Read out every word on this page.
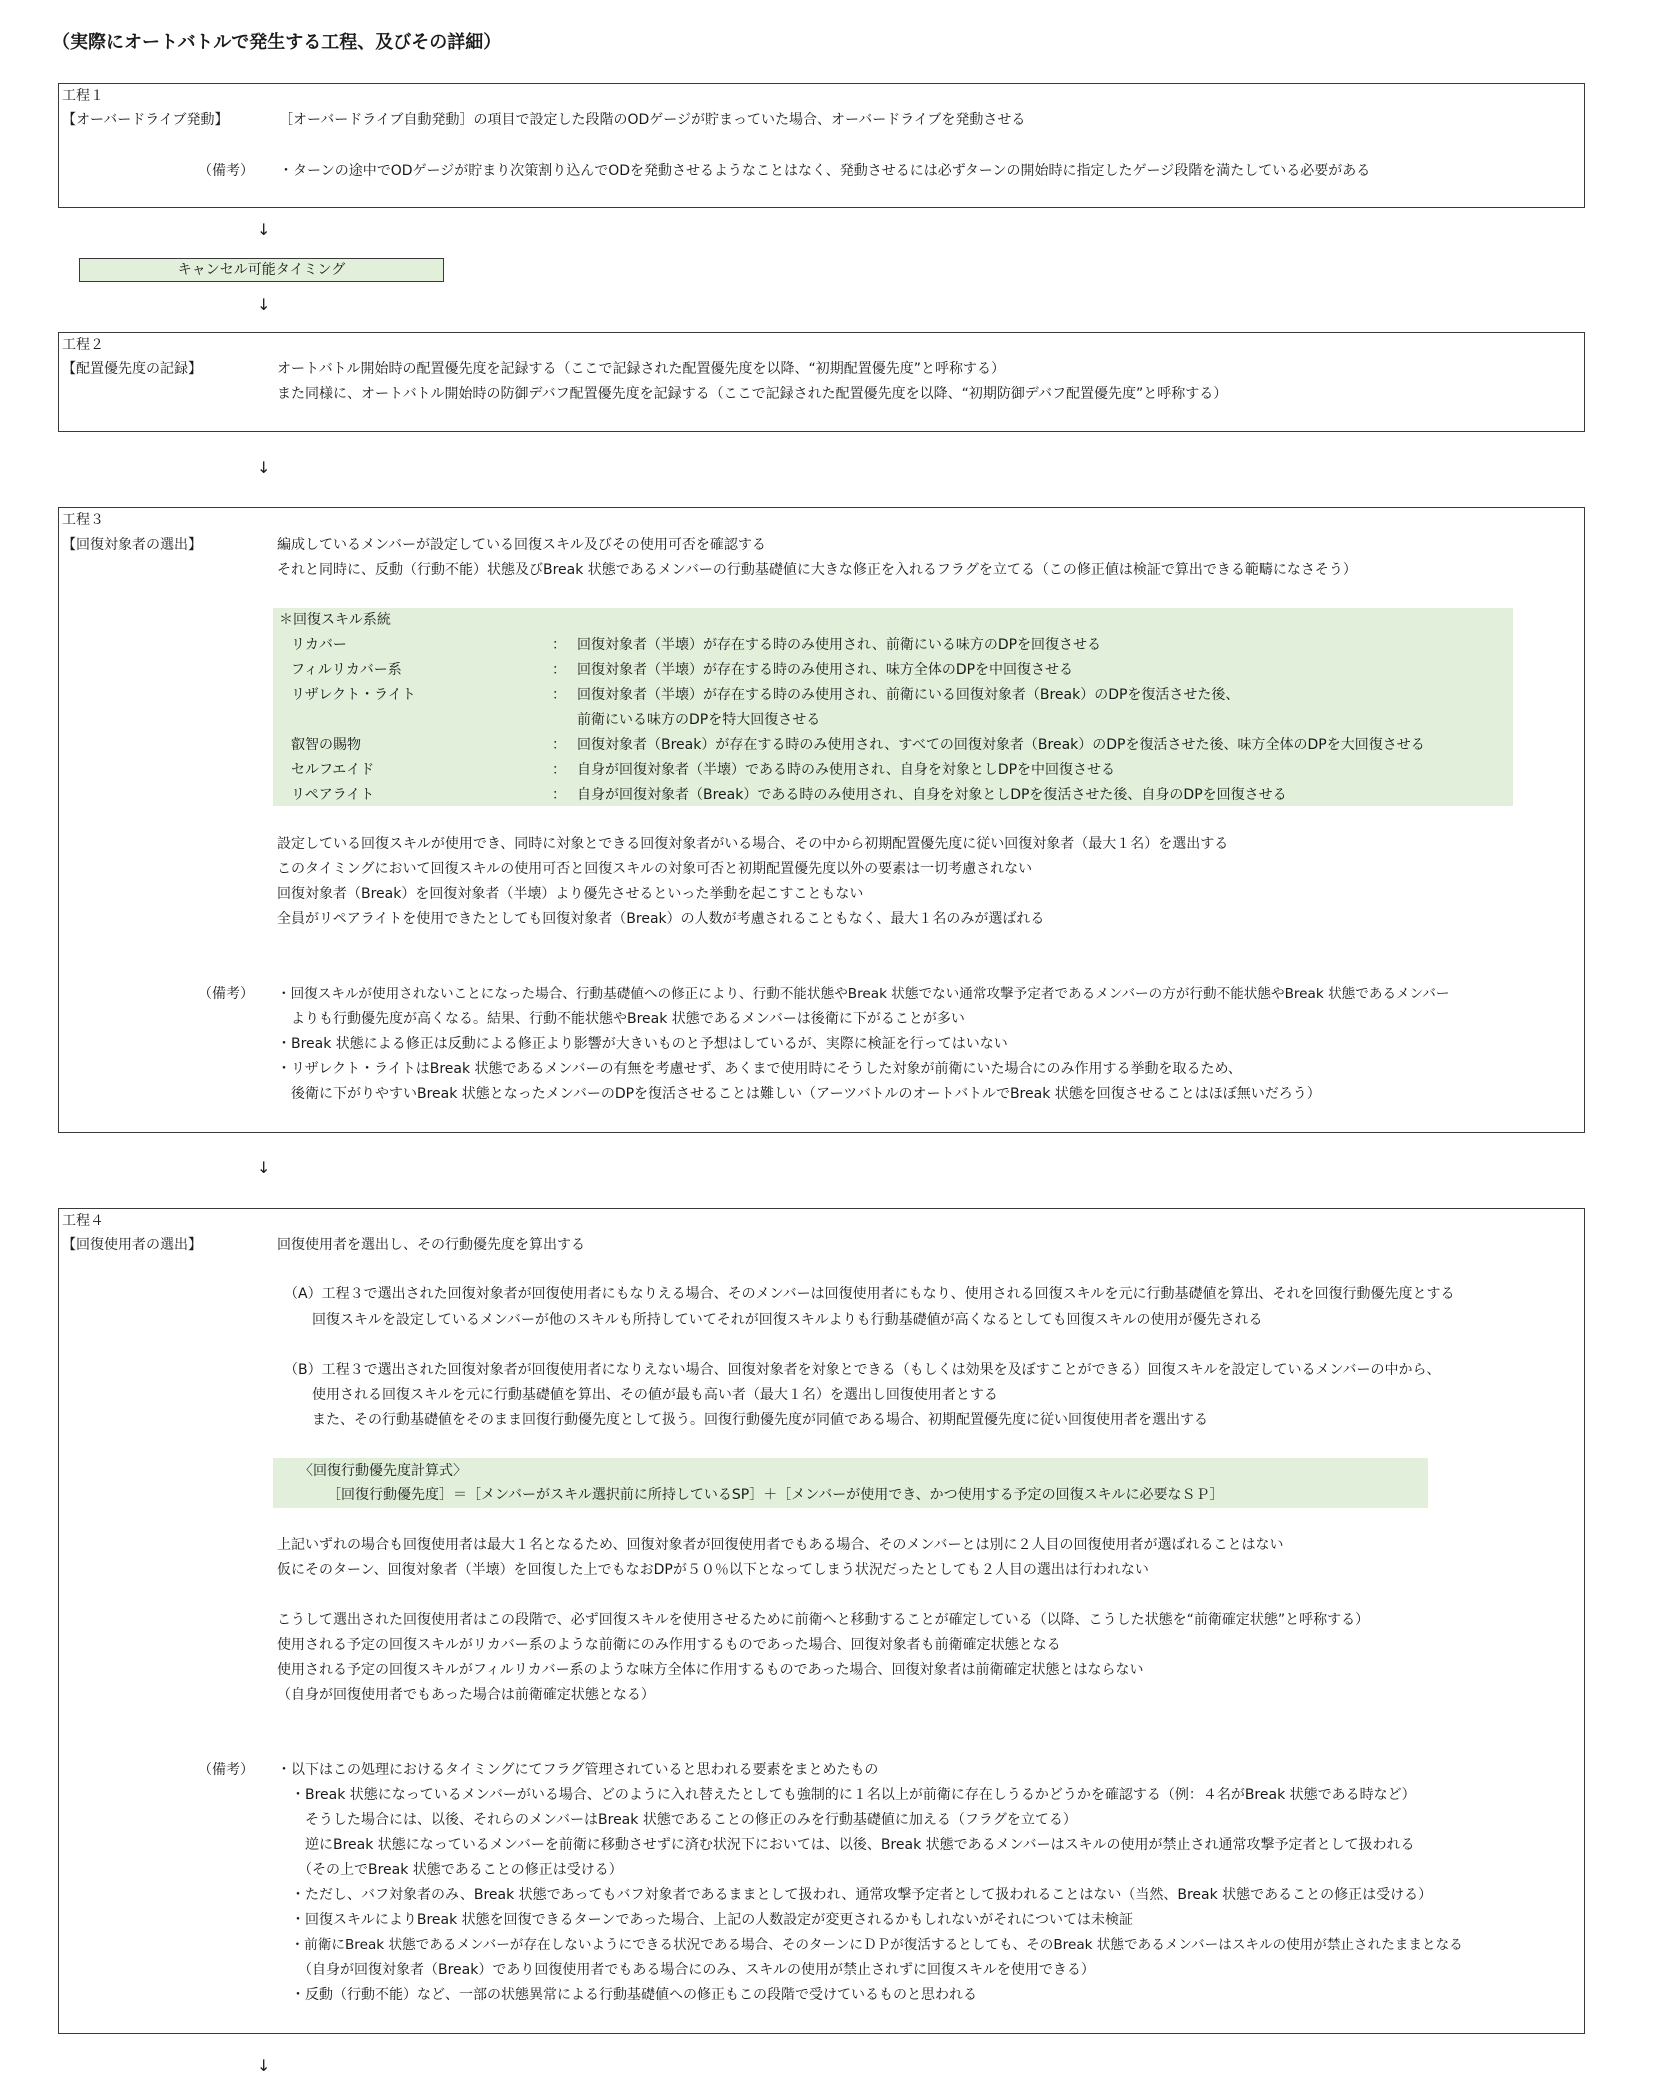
（実際にオートバトルで発生する工程、及びその詳細）
工程１
【オーバードライブ発動】	［オーバードライブ自動発動］の項目で設定した段階のODゲージが貯まっていた場合、オーバードライブを発動させる
（備考） ・ターンの途中でODゲージが貯まり次策割り込んでODを発動させるようなことはなく、発動させるには必ずターンの開始時に指定したゲージ段階を満たしている必要がある
↓
キャンセル可能タイミング
↓
工程２
【配置優先度の記録】	オートバトル開始時の配置優先度を記録する（ここで記録された配置優先度を以降、“初期配置優先度”と呼称する）
また同様に、オートバトル開始時の防御デバフ配置優先度を記録する（ここで記録された配置優先度を以降、“初期防御デバフ配置優先度”と呼称する）
↓
工程３
【回復対象者の選出】	編成しているメンバーが設定している回復スキル及びその使用可否を確認する
それと同時に、反動（行動不能）状態及びBreak 状態であるメンバーの行動基礎値に大きな修正を入れるフラグを立てる（この修正値は検証で算出できる範疇になさそう）
＊回復スキル系統
リカバー	： 回復対象者（半壊）が存在する時のみ使用され、前衛にいる味方のDPを回復させる
フィルリカバー系	： 回復対象者（半壊）が存在する時のみ使用され、味方全体のDPを中回復させる
リザレクト・ライト	： 回復対象者（半壊）が存在する時のみ使用され、前衛にいる回復対象者（Break）のDPを復活させた後、
前衛にいる味方のDPを特大回復させる
叡智の賜物	： 回復対象者（Break）が存在する時のみ使用され、すべての回復対象者（Break）のDPを復活させた後、味方全体のDPを大回復させる
セルフエイド	： 自身が回復対象者（半壊）である時のみ使用され、自身を対象としDPを中回復させる
リペアライト	： 自身が回復対象者（Break）である時のみ使用され、自身を対象としDPを復活させた後、自身のDPを回復させる
設定している回復スキルが使用でき、同時に対象とできる回復対象者がいる場合、その中から初期配置優先度に従い回復対象者（最大１名）を選出する
このタイミングにおいて回復スキルの使用可否と回復スキルの対象可否と初期配置優先度以外の要素は一切考慮されない
回復対象者（Break）を回復対象者（半壊）より優先させるといった挙動を起こすこともない
全員がリペアライトを使用できたとしても回復対象者（Break）の人数が考慮されることもなく、最大１名のみが選ばれる
（備考） ・回復スキルが使用されないことになった場合、行動基礎値への修正により、行動不能状態やBreak 状態でない通常攻撃予定者であるメンバーの方が行動不能状態やBreak 状態であるメンバー
　よりも行動優先度が高くなる。結果、行動不能状態やBreak 状態であるメンバーは後衛に下がることが多い
・Break 状態による修正は反動による修正より影響が大きいものと予想はしているが、実際に検証を行ってはいない
・リザレクト・ライトはBreak 状態であるメンバーの有無を考慮せず、あくまで使用時にそうした対象が前衛にいた場合にのみ作用する挙動を取るため、
　後衛に下がりやすいBreak 状態となったメンバーのDPを復活させることは難しい（アーツバトルのオートバトルでBreak 状態を回復させることはほぼ無いだろう）
↓
工程４
【回復使用者の選出】	回復使用者を選出し、その行動優先度を算出する
（A）工程３で選出された回復対象者が回復使用者にもなりえる場合、そのメンバーは回復使用者にもなり、使用される回復スキルを元に行動基礎値を算出、それを回復行動優先度とする
　　回復スキルを設定しているメンバーが他のスキルも所持していてそれが回復スキルよりも行動基礎値が高くなるとしても回復スキルの使用が優先される
（B）工程３で選出された回復対象者が回復使用者になりえない場合、回復対象者を対象とできる（もしくは効果を及ぼすことができる）回復スキルを設定しているメンバーの中から、
　　使用される回復スキルを元に行動基礎値を算出、その値が最も高い者（最大１名）を選出し回復使用者とする
　　また、その行動基礎値をそのまま回復行動優先度として扱う。回復行動優先度が同値である場合、初期配置優先度に従い回復使用者を選出する
〈回復行動優先度計算式〉
［回復行動優先度］＝［メンバーがスキル選択前に所持しているSP］＋［メンバーが使用でき、かつ使用する予定の回復スキルに必要なＳＰ］
上記いずれの場合も回復使用者は最大１名となるため、回復対象者が回復使用者でもある場合、そのメンバーとは別に２人目の回復使用者が選ばれることはない
仮にそのターン、回復対象者（半壊）を回復した上でもなおDPが５０％以下となってしまう状況だったとしても２人目の選出は行われない
こうして選出された回復使用者はこの段階で、必ず回復スキルを使用させるために前衛へと移動することが確定している（以降、こうした状態を“前衛確定状態”と呼称する）
使用される予定の回復スキルがリカバー系のような前衛にのみ作用するものであった場合、回復対象者も前衛確定状態となる
使用される予定の回復スキルがフィルリカバー系のような味方全体に作用するものであった場合、回復対象者は前衛確定状態とはならない
（自身が回復使用者でもあった場合は前衛確定状態となる）
（備考） ・以下はこの処理におけるタイミングにてフラグ管理されていると思われる要素をまとめたもの
　・Break 状態になっているメンバーがいる場合、どのように入れ替えたとしても強制的に１名以上が前衛に存在しうるかどうかを確認する（例：４名がBreak 状態である時など）
　　そうした場合には、以後、それらのメンバーはBreak 状態であることの修正のみを行動基礎値に加える（フラグを立てる）
　　逆にBreak 状態になっているメンバーを前衛に移動させずに済む状況下においては、以後、Break 状態であるメンバーはスキルの使用が禁止され通常攻撃予定者として扱われる
　　（その上でBreak 状態であることの修正は受ける）
　・ただし、バフ対象者のみ、Break 状態であってもバフ対象者であるままとして扱われ、通常攻撃予定者として扱われることはない（当然、Break 状態であることの修正は受ける）
　・回復スキルによりBreak 状態を回復できるターンであった場合、上記の人数設定が変更されるかもしれないがそれについては未検証
　・前衛にBreak 状態であるメンバーが存在しないようにできる状況である場合、そのターンにＤＰが復活するとしても、そのBreak 状態であるメンバーはスキルの使用が禁止されたままとなる
　　（自身が回復対象者（Break）であり回復使用者でもある場合にのみ、スキルの使用が禁止されずに回復スキルを使用できる）
　・反動（行動不能）など、一部の状態異常による行動基礎値への修正もこの段階で受けているものと思われる
↓
